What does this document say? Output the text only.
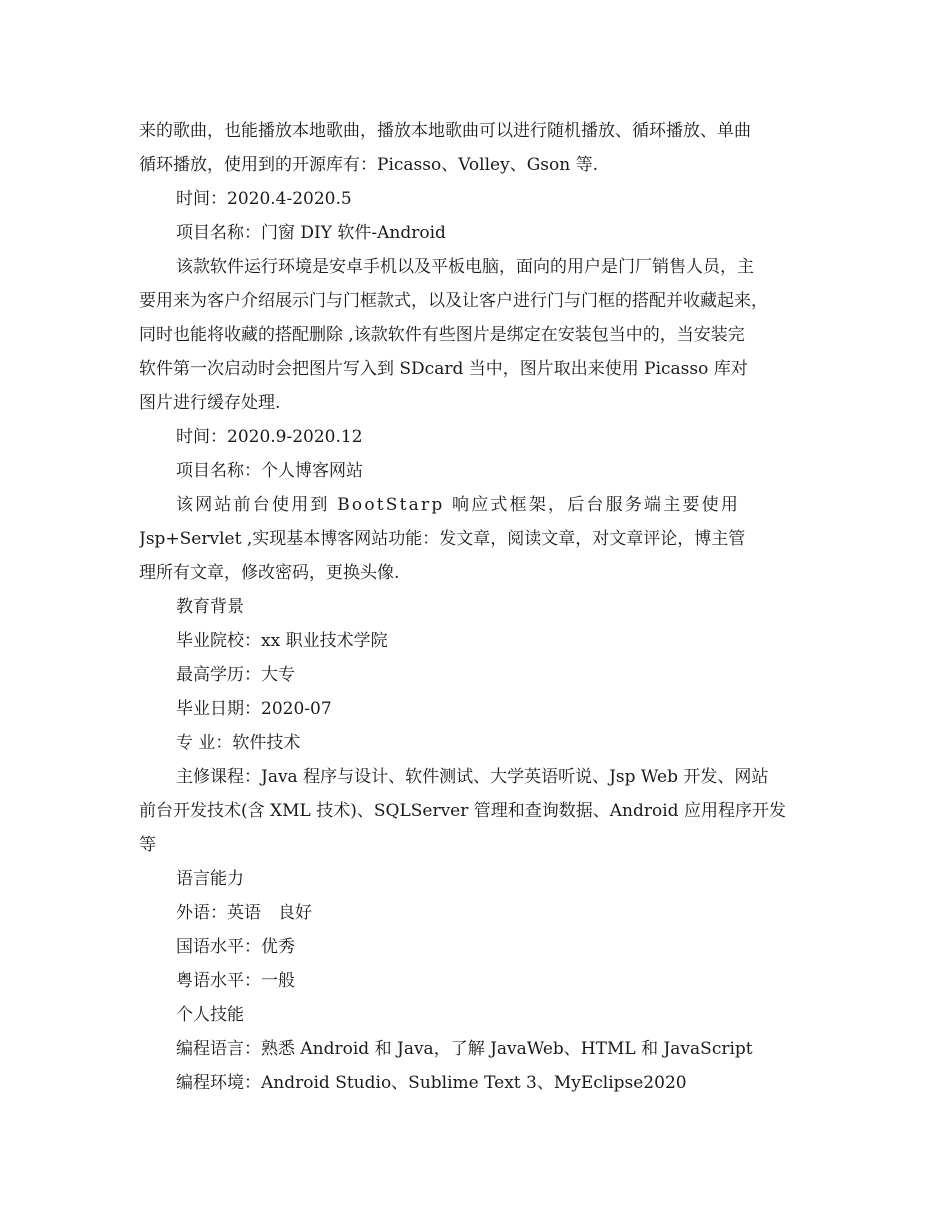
来的歌曲，也能播放本地歌曲，播放本地歌曲可以进行随机播放、循环播放、单曲
循环播放，使用到的开源库有：Picasso、Volley、Gson 等.
时间：2020.4-2020.5
项目名称：门窗 DIY 软件-Android
该款软件运行环境是安卓手机以及平板电脑，面向的用户是门厂销售人员，主
要用来为客户介绍展示门与门框款式，以及让客户进行门与门框的搭配并收藏起来，
同时也能将收藏的搭配删除 ,该款软件有些图片是绑定在安装包当中的，当安装完
软件第一次启动时会把图片写入到 SDcard 当中，图片取出来使用 Picasso 库对
图片进行缓存处理.
时间：2020.9-2020.12
项目名称：个人博客网站
该网站前台使用到 BootStarp 响应式框架，后台服务端主要使用
Jsp+Servlet ,实现基本博客网站功能：发文章，阅读文章，对文章评论，博主管
理所有文章，修改密码，更换头像.
教育背景
毕业院校：xx 职业技术学院
最高学历：大专
毕业日期：2020-07
专 业：软件技术
主修课程：Java 程序与设计、软件测试、大学英语听说、Jsp Web 开发、网站
前台开发技术(含 XML 技术)、SQLServer 管理和查询数据、Android 应用程序开发
等
语言能力
外语：英语　良好
国语水平：优秀
粤语水平：一般
个人技能
编程语言：熟悉 Android 和 Java，了解 JavaWeb、HTML 和 JavaScript
编程环境：Android Studio、Sublime Text 3、MyEclipse2020
